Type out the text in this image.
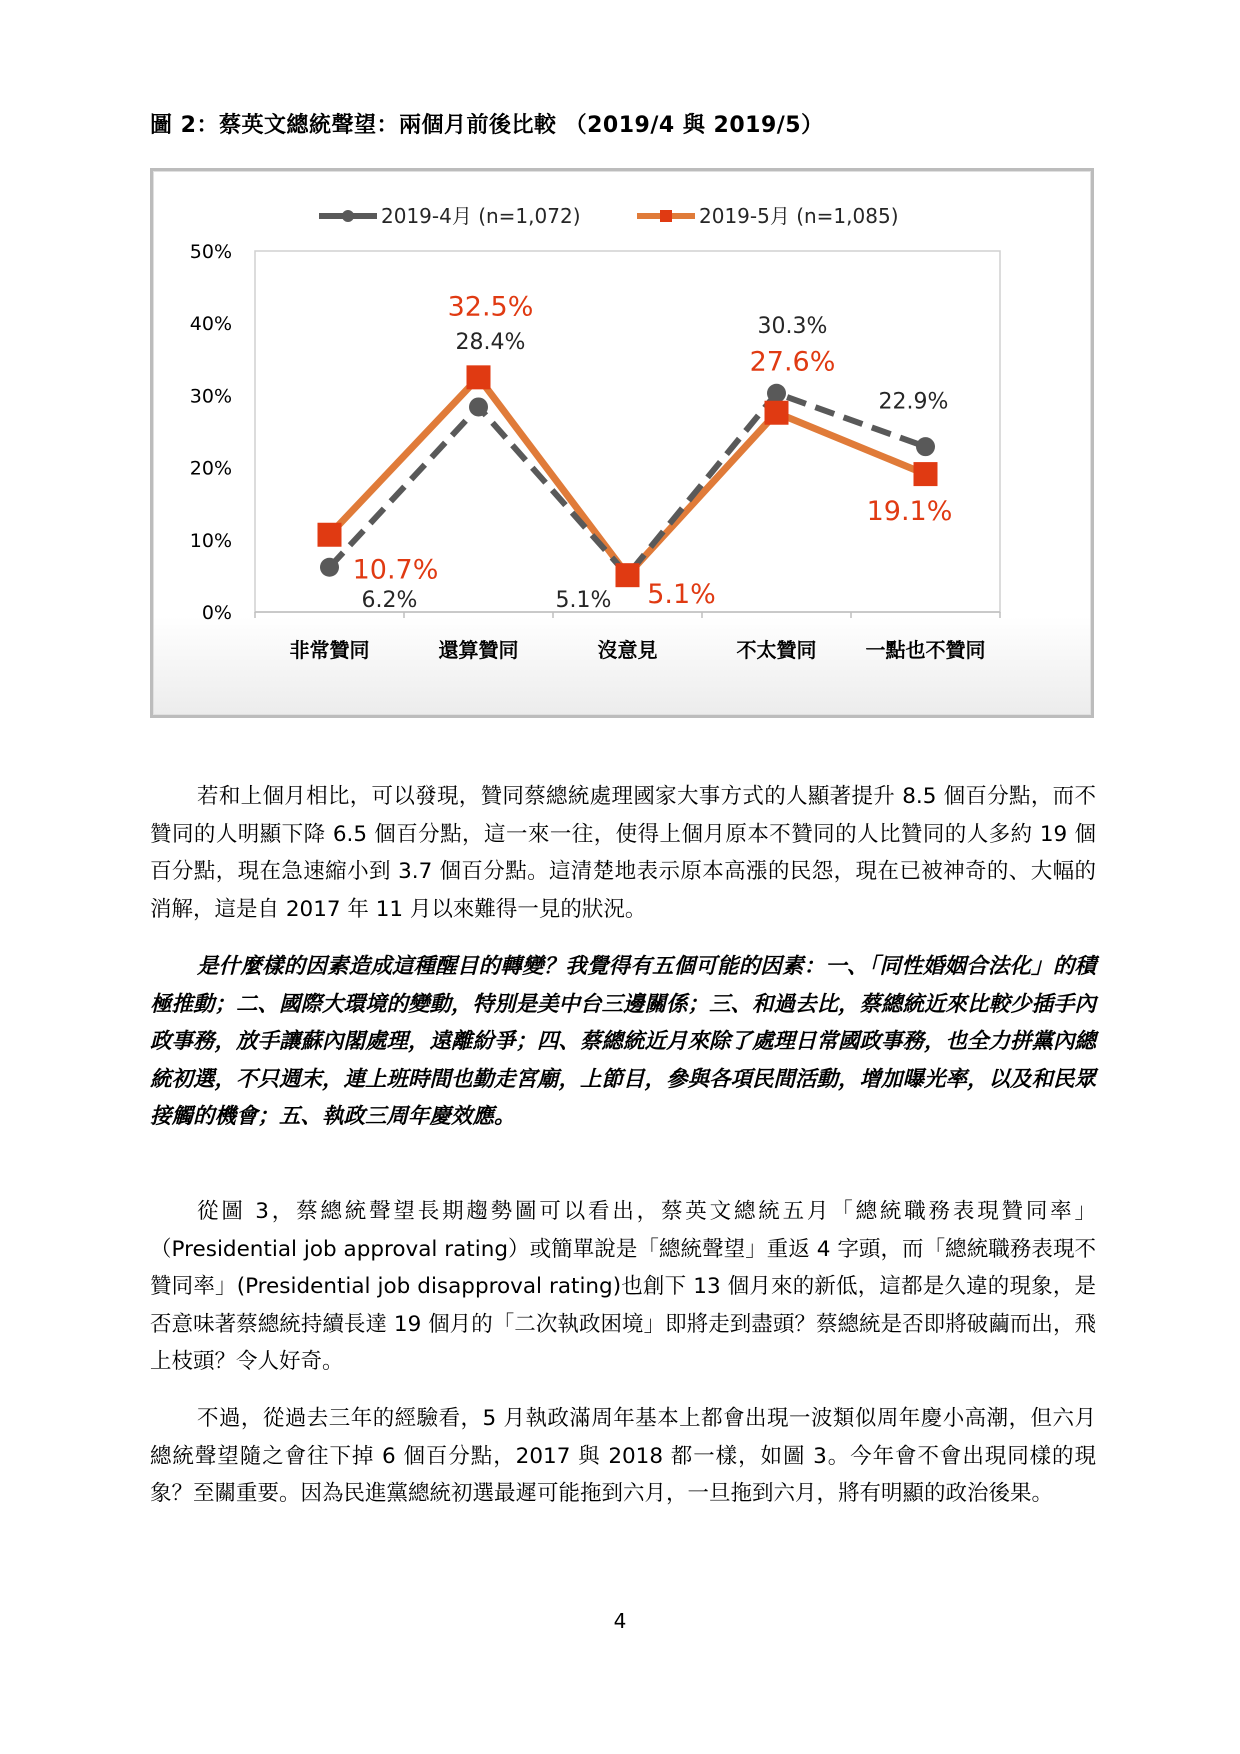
圖 2：蔡英文總統聲望：兩個月前後比較 （2019/4 與 2019/5）
0%
10%
20%
30%
40%
50%
非常贊同	還算贊同	沒意見	不太贊同 一點也不贊同
2019-4月 (n=1,072)	2019-5月 (n=1,085)
6.2%
28.4%
5.1%
30.3%
22.9%
10.7%
32.5%
5.1%
27.6%
19.1%

若和上個月相比，可以發現，贊同蔡總統處理國家大事方式的人顯著提升 8.5 個百分點，而不贊同的人明顯下降 6.5 個百分點，這一來一往，使得上個月原本不贊同的人比贊同的人多約 19 個百分點，現在急速縮小到 3.7 個百分點。這清楚地表示原本高漲的民怨，現在已被神奇的、大幅的消解，這是自 2017 年 11 月以來難得一見的狀況。

是什麼樣的因素造成這種醒目的轉變？我覺得有五個可能的因素：一、「同性婚姻合法化」的積極推動；二、國際大環境的變動，特別是美中台三邊關係；三、和過去比，蔡總統近來比較少插手內政事務，放手讓蘇內閣處理，遠離紛爭；四、蔡總統近月來除了處理日常國政事務，也全力拼黨內總統初選，不只週末，連上班時間也勤走宮廟，上節目，參與各項民間活動，增加曝光率，以及和民眾接觸的機會；五、執政三周年慶效應。

從圖 3，蔡總統聲望長期趨勢圖可以看出，蔡英文總統五月「總統職務表現贊同率」（Presidential job approval rating）或簡單說是「總統聲望」重返 4 字頭，而「總統職務表現不贊同率」(Presidential job disapproval rating)也創下 13 個月來的新低，這都是久違的現象，是否意味著蔡總統持續長達 19 個月的「二次執政困境」即將走到盡頭？蔡總統是否即將破繭而出，飛上枝頭？令人好奇。

不過，從過去三年的經驗看，5 月執政滿周年基本上都會出現一波類似周年慶小高潮，但六月總統聲望隨之會往下掉 6 個百分點，2017 與 2018 都一樣，如圖 3。今年會不會出現同樣的現象？至關重要。因為民進黨總統初選最遲可能拖到六月，一旦拖到六月，將有明顯的政治後果。

4
